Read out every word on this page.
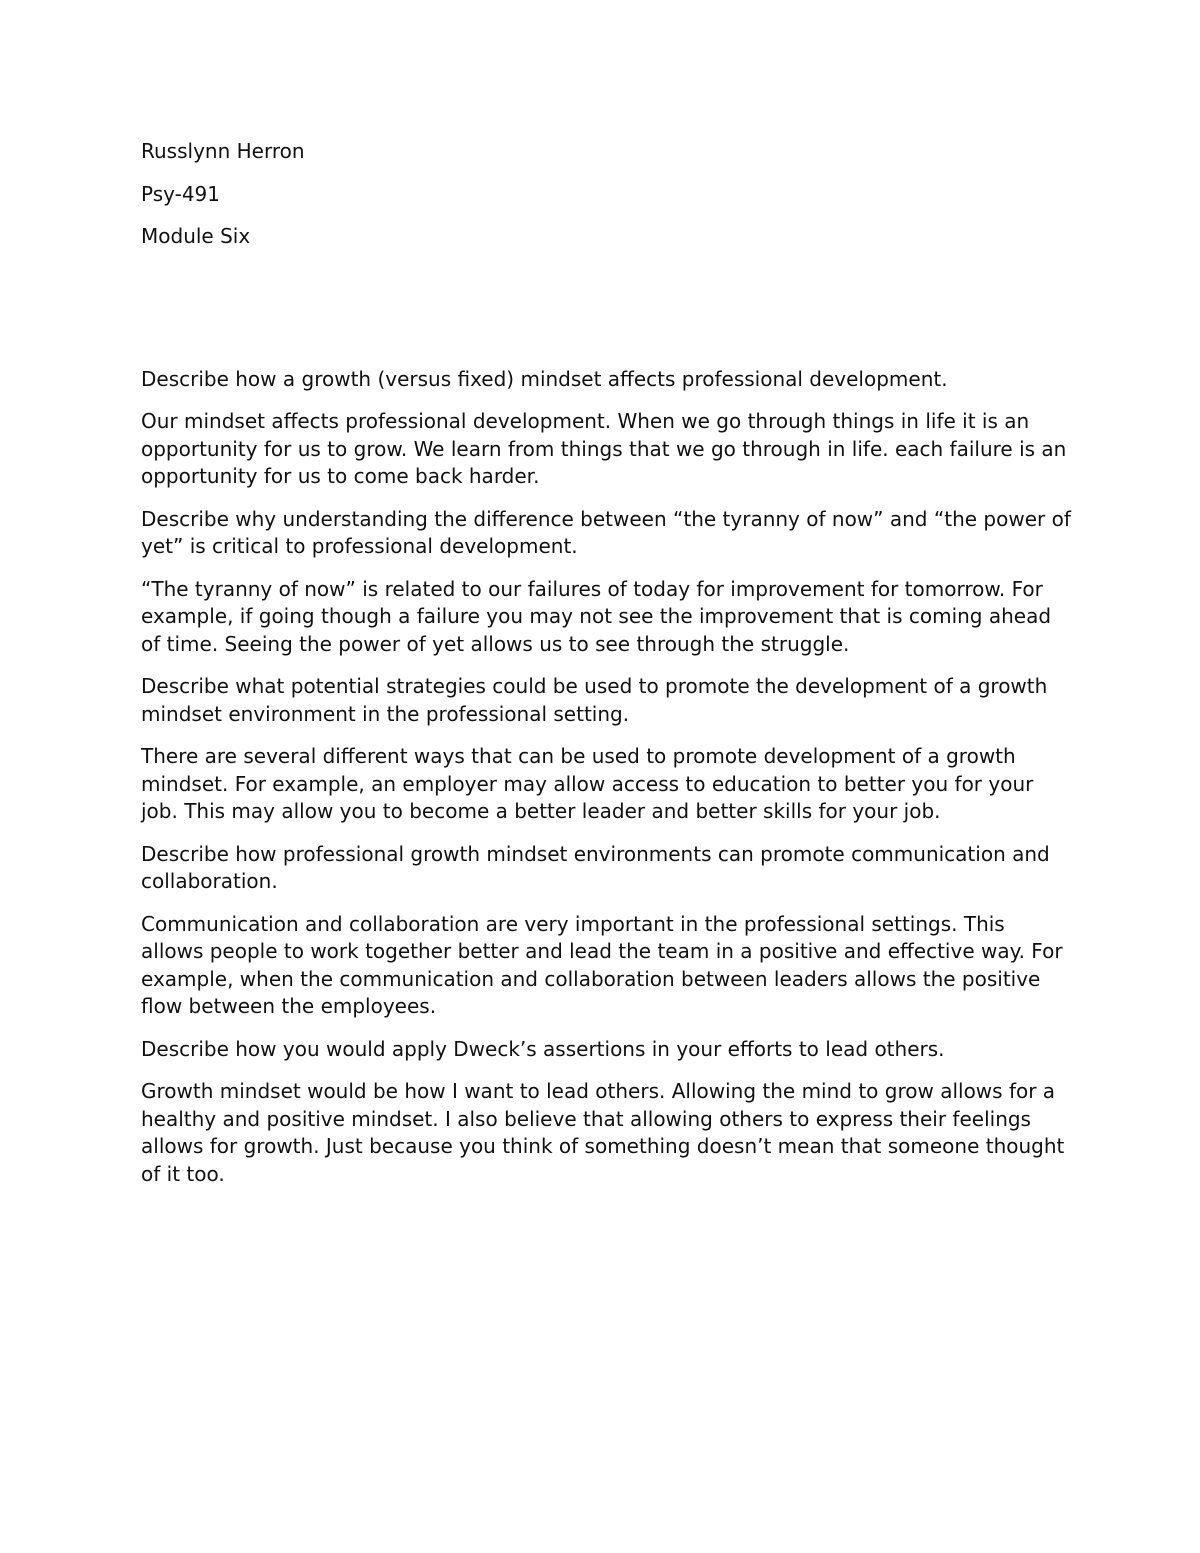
Russlynn Herron

Psy-491

Module Six

Describe how a growth (versus fixed) mindset affects professional development.

Our mindset affects professional development. When we go through things in life it is an opportunity for us to grow. We learn from things that we go through in life. each failure is an opportunity for us to come back harder.

Describe why understanding the difference between “the tyranny of now” and “the power of yet” is critical to professional development.

“The tyranny of now” is related to our failures of today for improvement for tomorrow. For example, if going though a failure you may not see the improvement that is coming ahead of time. Seeing the power of yet allows us to see through the struggle.

Describe what potential strategies could be used to promote the development of a growth mindset environment in the professional setting.

There are several different ways that can be used to promote development of a growth mindset. For example, an employer may allow access to education to better you for your job. This may allow you to become a better leader and better skills for your job.

Describe how professional growth mindset environments can promote communication and collaboration.

Communication and collaboration are very important in the professional settings. This allows people to work together better and lead the team in a positive and effective way. For example, when the communication and collaboration between leaders allows the positive flow between the employees.

Describe how you would apply Dweck’s assertions in your efforts to lead others.

Growth mindset would be how I want to lead others. Allowing the mind to grow allows for a healthy and positive mindset. I also believe that allowing others to express their feelings allows for growth. Just because you think of something doesn’t mean that someone thought of it too.
